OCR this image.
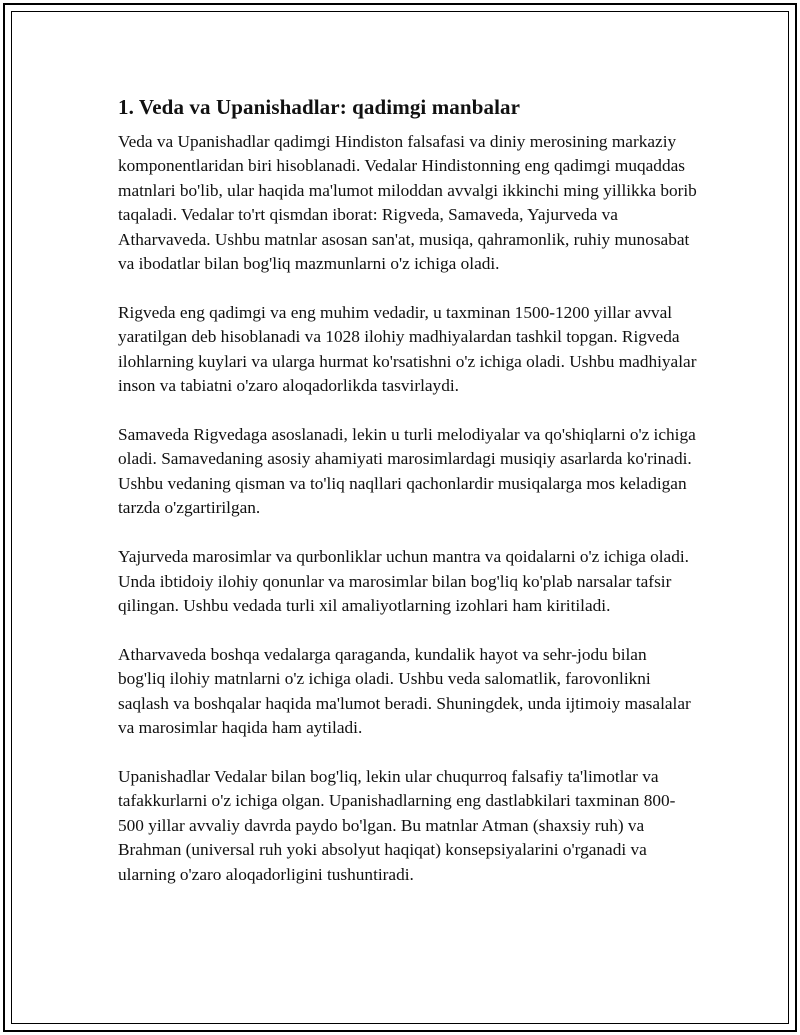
1. Veda va Upanishadlar: qadimgi manbalar

Veda va Upanishadlar qadimgi Hindiston falsafasi va diniy merosining markaziy komponentlaridan biri hisoblanadi. Vedalar Hindistonning eng qadimgi muqaddas matnlari bo'lib, ular haqida ma'lumot miloddan avvalgi ikkinchi ming yillikka borib taqaladi. Vedalar to'rt qismdan iborat: Rigveda, Samaveda, Yajurveda va Atharvaveda. Ushbu matnlar asosan san'at, musiqa, qahramonlik, ruhiy munosabat va ibodatlar bilan bog'liq mazmunlarni o'z ichiga oladi.

Rigveda eng qadimgi va eng muhim vedadir, u taxminan 1500-1200 yillar avval yaratilgan deb hisoblanadi va 1028 ilohiy madhiyalardan tashkil topgan. Rigveda ilohlarning kuylari va ularga hurmat ko'rsatishni o'z ichiga oladi. Ushbu madhiyalar inson va tabiatni o'zaro aloqadorlikda tasvirlaydi.

Samaveda Rigvedaga asoslanadi, lekin u turli melodiyalar va qo'shiqlarni o'z ichiga oladi. Samavedaning asosiy ahamiyati marosimlardagi musiqiy asarlarda ko'rinadi. Ushbu vedaning qisman va to'liq naqllari qachonlardir musiqalarga mos keladigan tarzda o'zgartirilgan.

Yajurveda marosimlar va qurbonliklar uchun mantra va qoidalarni o'z ichiga oladi. Unda ibtidoiy ilohiy qonunlar va marosimlar bilan bog'liq ko'plab narsalar tafsir qilingan. Ushbu vedada turli xil amaliyotlarning izohlari ham kiritiladi.

Atharvaveda boshqa vedalarga qaraganda, kundalik hayot va sehr-jodu bilan bog'liq ilohiy matnlarni o'z ichiga oladi. Ushbu veda salomatlik, farovonlikni saqlash va boshqalar haqida ma'lumot beradi. Shuningdek, unda ijtimoiy masalalar va marosimlar haqida ham aytiladi.

Upanishadlar Vedalar bilan bog'liq, lekin ular chuqurroq falsafiy ta'limotlar va tafakkurlarni o'z ichiga olgan. Upanishadlarning eng dastlabkilari taxminan 800-500 yillar avvaliy davrda paydo bo'lgan. Bu matnlar Atman (shaxsiy ruh) va Brahman (universal ruh yoki absolyut haqiqat) konsepsiyalarini o'rganadi va ularning o'zaro aloqadorligini tushuntiradi.
